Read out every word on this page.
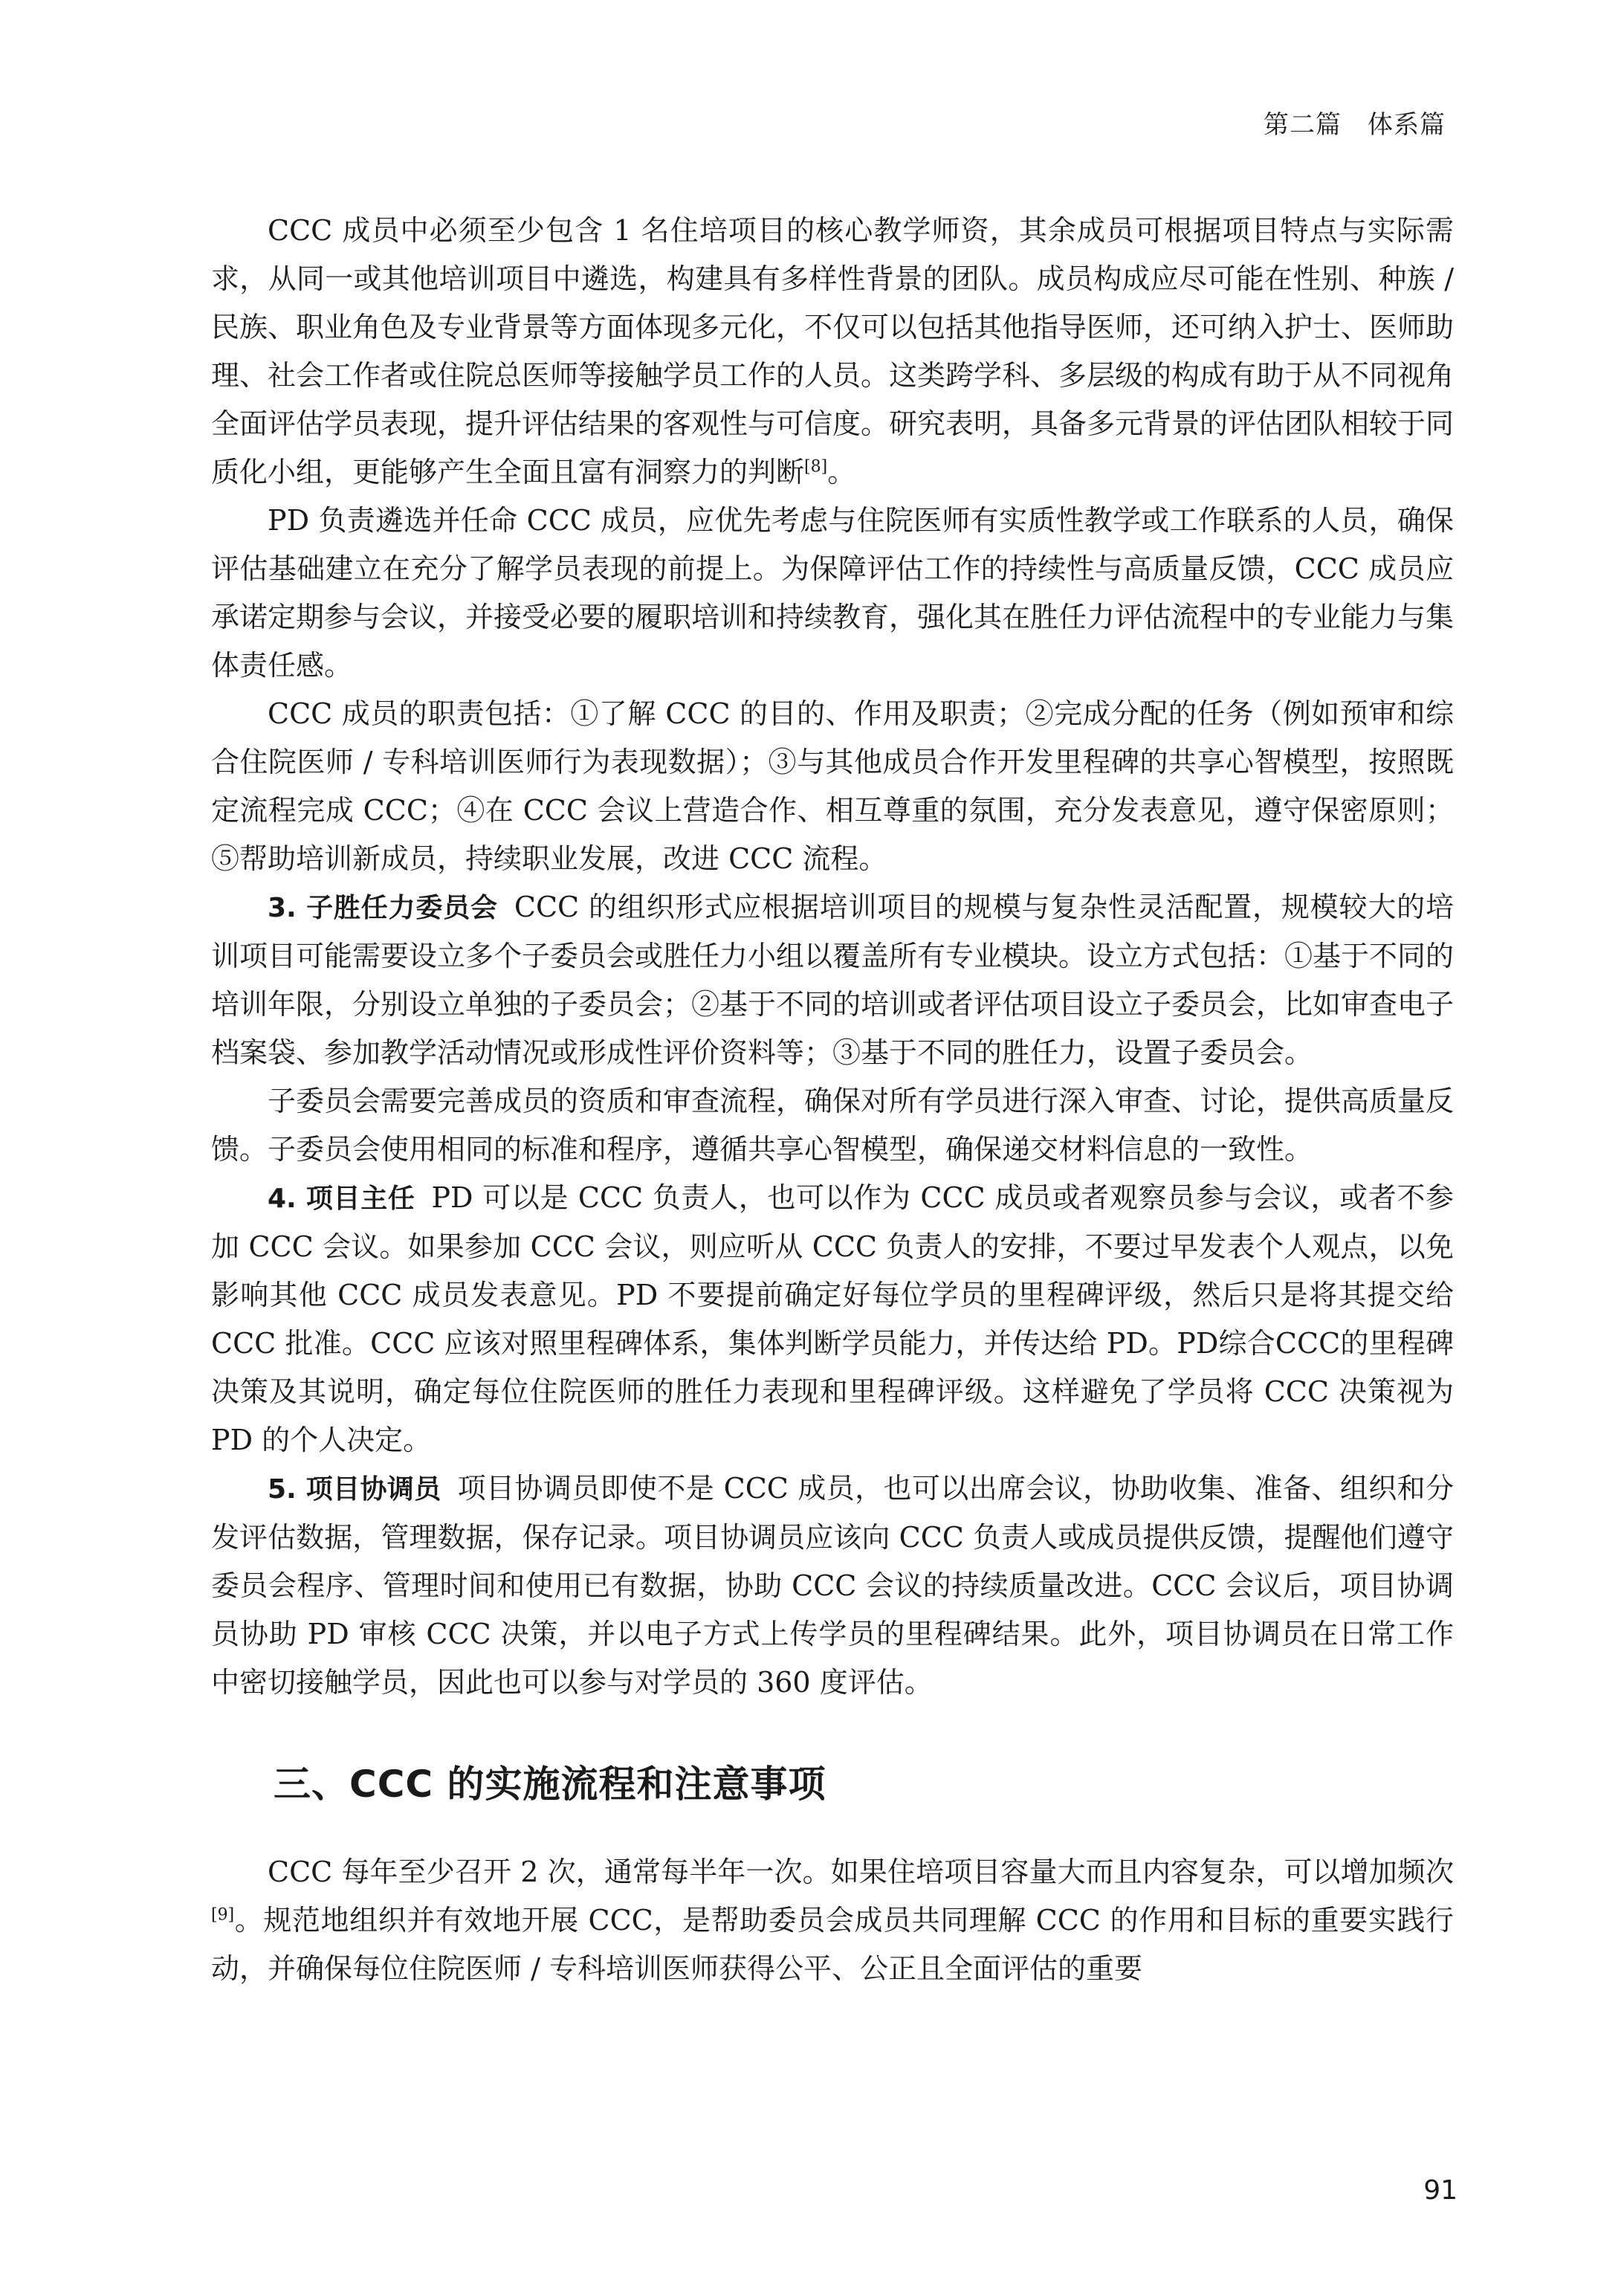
第二篇　体系篇

CCC 成员中必须至少包含 1 名住培项目的核心教学师资，其余成员可根据项目特点与实际需求，从同一或其他培训项目中遴选，构建具有多样性背景的团队。成员构成应尽可能在性别、种族 / 民族、职业角色及专业背景等方面体现多元化，不仅可以包括其他指导医师，还可纳入护士、医师助理、社会工作者或住院总医师等接触学员工作的人员。这类跨学科、多层级的构成有助于从不同视角全面评估学员表现，提升评估结果的客观性与可信度。研究表明，具备多元背景的评估团队相较于同质化小组，更能够产生全面且富有洞察力的判断[8]。

PD 负责遴选并任命 CCC 成员，应优先考虑与住院医师有实质性教学或工作联系的人员，确保评估基础建立在充分了解学员表现的前提上。为保障评估工作的持续性与高质量反馈，CCC 成员应承诺定期参与会议，并接受必要的履职培训和持续教育，强化其在胜任力评估流程中的专业能力与集体责任感。

CCC 成员的职责包括：①了解 CCC 的目的、作用及职责；②完成分配的任务（例如预审和综合住院医师 / 专科培训医师行为表现数据）；③与其他成员合作开发里程碑的共享心智模型，按照既定流程完成 CCC；④在 CCC 会议上营造合作、相互尊重的氛围，充分发表意见，遵守保密原则；⑤帮助培训新成员，持续职业发展，改进 CCC 流程。

3. 子胜任力委员会 CCC 的组织形式应根据培训项目的规模与复杂性灵活配置，规模较大的培训项目可能需要设立多个子委员会或胜任力小组以覆盖所有专业模块。设立方式包括：①基于不同的培训年限，分别设立单独的子委员会；②基于不同的培训或者评估项目设立子委员会，比如审查电子档案袋、参加教学活动情况或形成性评价资料等；③基于不同的胜任力，设置子委员会。

子委员会需要完善成员的资质和审查流程，确保对所有学员进行深入审查、讨论，提供高质量反馈。子委员会使用相同的标准和程序，遵循共享心智模型，确保递交材料信息的一致性。

4. 项目主任 PD 可以是 CCC 负责人，也可以作为 CCC 成员或者观察员参与会议，或者不参加 CCC 会议。如果参加 CCC 会议，则应听从 CCC 负责人的安排，不要过早发表个人观点，以免影响其他 CCC 成员发表意见。PD 不要提前确定好每位学员的里程碑评级，然后只是将其提交给 CCC 批准。CCC 应该对照里程碑体系，集体判断学员能力，并传达给 PD。PD综合CCC的里程碑决策及其说明，确定每位住院医师的胜任力表现和里程碑评级。这样避免了学员将 CCC 决策视为 PD 的个人决定。

5. 项目协调员 项目协调员即使不是 CCC 成员，也可以出席会议，协助收集、准备、组织和分发评估数据，管理数据，保存记录。项目协调员应该向 CCC 负责人或成员提供反馈，提醒他们遵守委员会程序、管理时间和使用已有数据，协助 CCC 会议的持续质量改进。CCC 会议后，项目协调员协助 PD 审核 CCC 决策，并以电子方式上传学员的里程碑结果。此外，项目协调员在日常工作中密切接触学员，因此也可以参与对学员的 360 度评估。

三、CCC 的实施流程和注意事项

CCC 每年至少召开 2 次，通常每半年一次。如果住培项目容量大而且内容复杂，可以增加频次[9]。规范地组织并有效地开展 CCC，是帮助委员会成员共同理解 CCC 的作用和目标的重要实践行动，并确保每位住院医师 / 专科培训医师获得公平、公正且全面评估的重要

91
